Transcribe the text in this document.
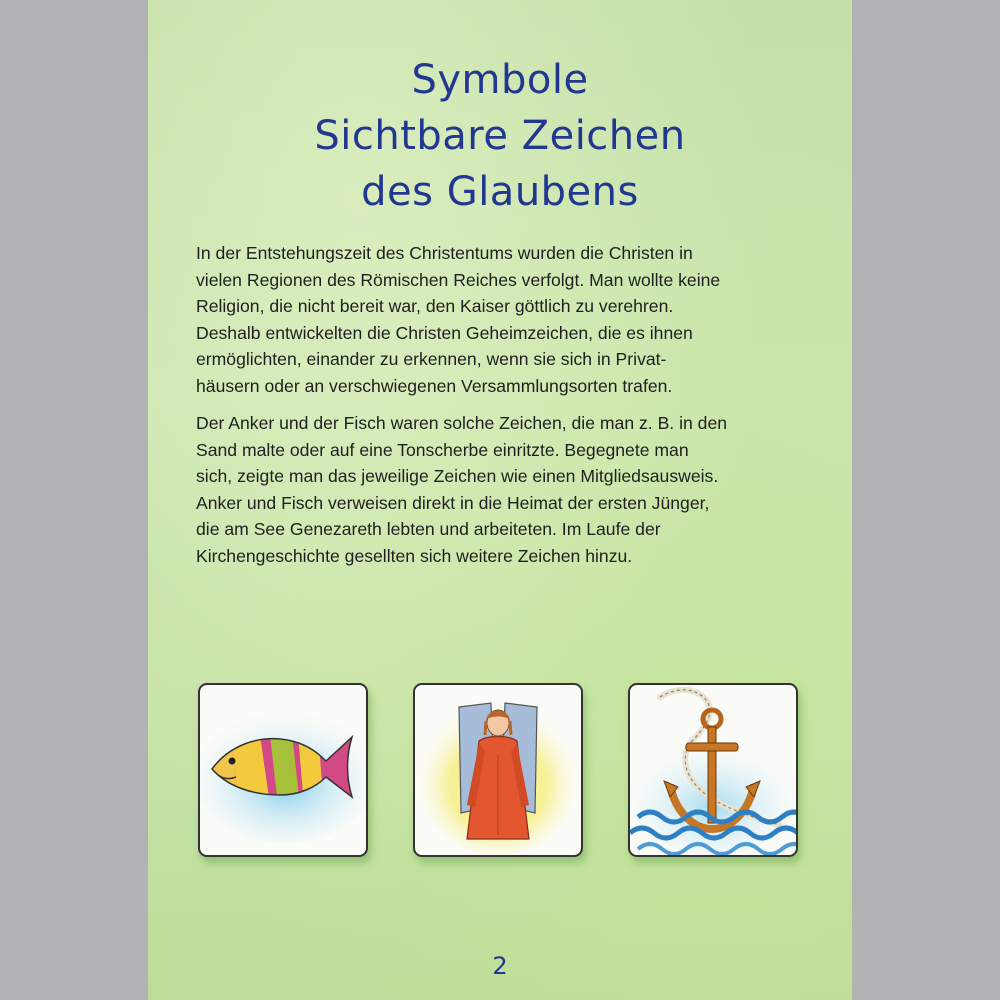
Symbole
Sichtbare Zeichen
des Glaubens
In der Entstehungszeit des Christentums wurden die Christen in
vielen Regionen des Römischen Reiches verfolgt. Man wollte keine
Religion, die nicht bereit war, den Kaiser göttlich zu verehren.
Deshalb entwickelten die Christen Geheimzeichen, die es ihnen
ermöglichten, einander zu erkennen, wenn sie sich in Privat-
häusern oder an verschwiegenen Versammlungsorten trafen.
Der Anker und der Fisch waren solche Zeichen, die man z. B. in den
Sand malte oder auf eine Tonscherbe einritzte. Begegnete man
sich, zeigte man das jeweilige Zeichen wie einen Mitgliedsausweis.
Anker und Fisch verweisen direkt in die Heimat der ersten Jünger,
die am See Genezareth lebten und arbeiteten. Im Laufe der
Kirchengeschichte gesellten sich weitere Zeichen hinzu.
2
